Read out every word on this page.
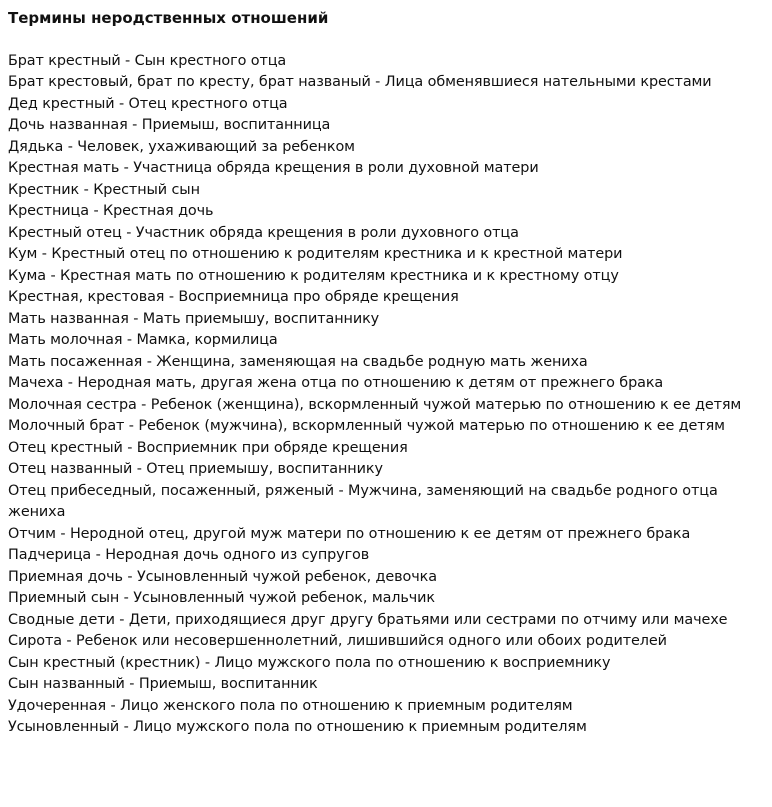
Термины неродственных отношений
Брат крестный - Сын крестного отца
Брат крестовый, брат по кресту, брат названый - Лица обменявшиеся нательными крестами
Дед крестный - Отец крестного отца
Дочь названная - Приемыш, воспитанница
Дядька - Человек, ухаживающий за ребенком
Крестная мать - Участница обряда крещения в роли духовной матери
Крестник - Крестный сын
Крестница - Крестная дочь
Крестный отец - Участник обряда крещения в роли духовного отца
Кум - Крестный отец по отношению к родителям крестника и к крестной матери
Кума - Крестная мать по отношению к родителям крестника и к крестному отцу
Крестная, крестовая - Восприемница про обряде крещения
Мать названная - Мать приемышу, воспитаннику
Мать молочная - Мамка, кормилица
Мать посаженная - Женщина, заменяющая на свадьбе родную мать жениха
Мачеха - Неродная мать, другая жена отца по отношению к детям от прежнего брака
Молочная сестра - Ребенок (женщина), вскормленный чужой матерью по отношению к ее детям
Молочный брат - Ребенок (мужчина), вскормленный чужой матерью по отношению к ее детям
Отец крестный - Восприемник при обряде крещения
Отец названный - Отец приемышу, воспитаннику
Отец прибеседный, посаженный, ряженый - Мужчина, заменяющий на свадьбе родного отца жениха
Отчим - Неродной отец, другой муж матери по отношению к ее детям от прежнего брака
Падчерица - Неродная дочь одного из супругов
Приемная дочь - Усыновленный чужой ребенок, девочка
Приемный сын - Усыновленный чужой ребенок, мальчик
Сводные дети - Дети, приходящиеся друг другу братьями или сестрами по отчиму или мачехе
Сирота - Ребенок или несовершеннолетний, лишившийся одного или обоих родителей
Сын крестный (крестник) - Лицо мужского пола по отношению к восприемнику
Сын названный - Приемыш, воспитанник
Удочеренная - Лицо женского пола по отношению к приемным родителям
Усыновленный - Лицо мужского пола по отношению к приемным родителям
